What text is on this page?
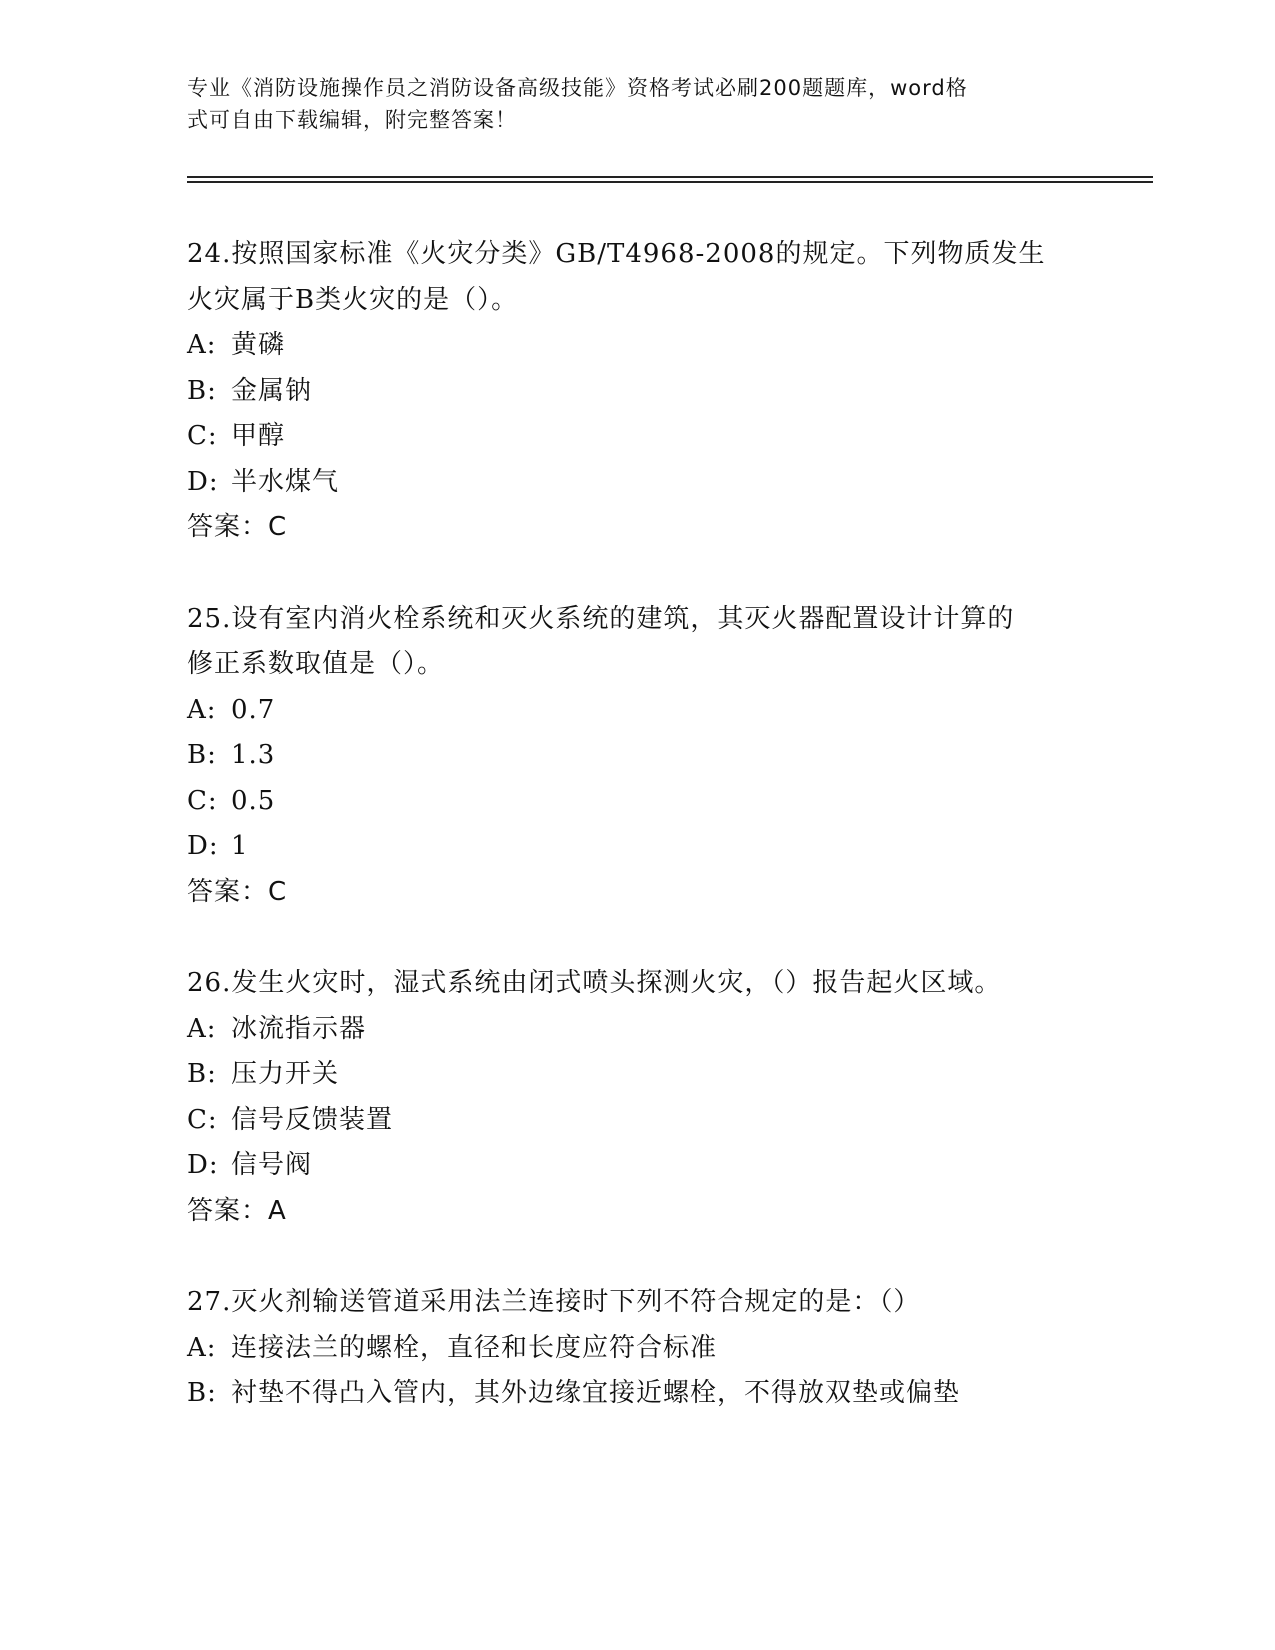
专业《消防设施操作员之消防设备高级技能》资格考试必刷200题题库，word格
式可自由下载编辑，附完整答案！
24.按照国家标准《火灾分类》GB/T4968-2008的规定。下列物质发生
火灾属于B类火灾的是（）。
A: 黄磷
B: 金属钠
C: 甲醇
D: 半水煤气
答案：C
25.设有室内消火栓系统和灭火系统的建筑，其灭火器配置设计计算的
修正系数取值是（）。
A: 0.7
B: 1.3
C: 0.5
D: 1
答案：C
26.发生火灾时，湿式系统由闭式喷头探测火灾，（）报告起火区域。
A: 冰流指示器
B: 压力开关
C: 信号反馈装置
D: 信号阀
答案：A
27.灭火剂输送管道采用法兰连接时下列不符合规定的是：（）
A: 连接法兰的螺栓，直径和长度应符合标准
B: 衬垫不得凸入管内，其外边缘宜接近螺栓，不得放双垫或偏垫
